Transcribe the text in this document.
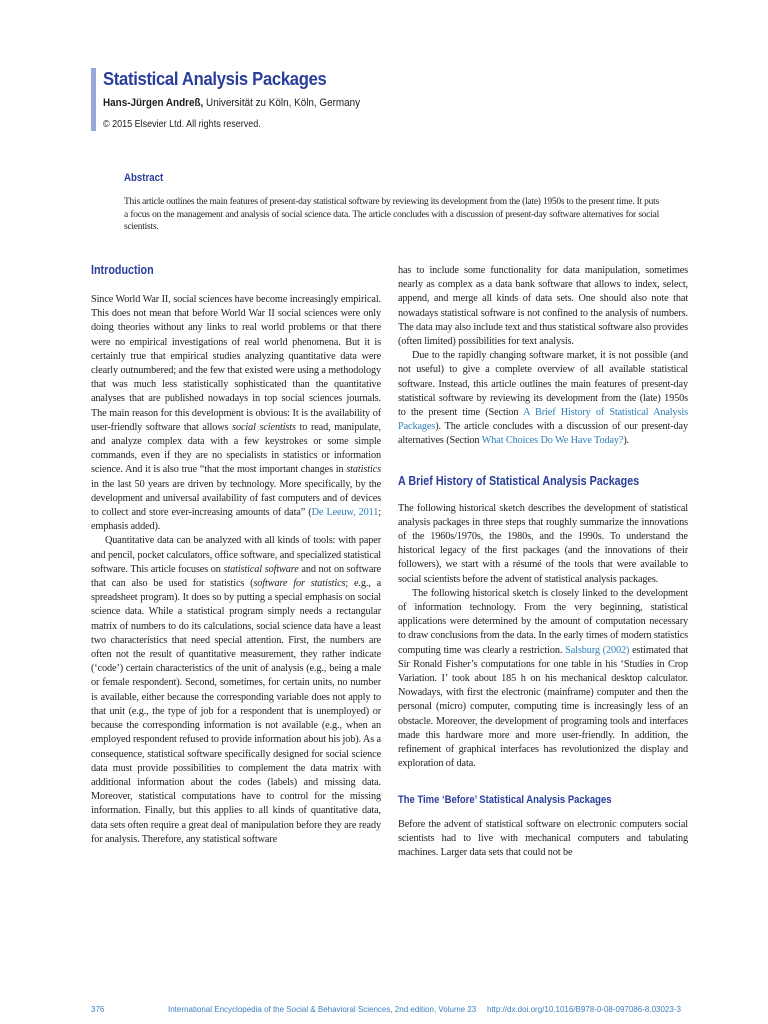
Statistical Analysis Packages
Hans-Jürgen Andreß, Universität zu Köln, Köln, Germany
© 2015 Elsevier Ltd. All rights reserved.
Abstract
This article outlines the main features of present-day statistical software by reviewing its development from the (late) 1950s to the present time. It puts a focus on the management and analysis of social science data. The article concludes with a discussion of present-day software alternatives for social scientists.
Introduction

Since World War II, social sciences have become increasingly empirical. This does not mean that before World War II social sciences were only doing theories without any links to real world problems or that there were no empirical investigations of real world phenomena. But it is certainly true that empirical studies analyzing quantitative data were clearly outnumbered; and the few that existed were using a methodology that was much less statistically sophisticated than the quantitative analyses that are published nowadays in top social sciences journals. The main reason for this development is obvious: It is the availability of user-friendly software that allows social scientists to read, manipulate, and analyze complex data with a few keystrokes or some simple commands, even if they are no specialists in statistics or information science. And it is also true “that the most important changes in statistics in the last 50 years are driven by technology. More specifically, by the development and universal availability of fast computers and of devices to collect and store ever-increasing amounts of data” (De Leeuw, 2011; emphasis added).

Quantitative data can be analyzed with all kinds of tools: with paper and pencil, pocket calculators, office software, and specialized statistical software. This article focuses on statistical software and not on software that can also be used for statistics (software for statistics; e.g., a spreadsheet program). It does so by putting a special emphasis on social science data. While a statistical program simply needs a rectangular matrix of numbers to do its calculations, social science data have a least two characteristics that need special attention. First, the numbers are often not the result of quantitative measurement, they rather indicate (‘code’) certain characteristics of the unit of analysis (e.g., being a male or female respondent). Second, sometimes, for certain units, no number is available, either because the corresponding variable does not apply to that unit (e.g., the type of job for a respondent that is unemployed) or because the corresponding information is not available (e.g., when an employed respondent refused to provide information about his job). As a consequence, statistical software specifically designed for social science data must provide possibilities to complement the data matrix with additional information about the codes (labels) and missing data. Moreover, statistical computations have to control for the missing information. Finally, but this applies to all kinds of quantitative data, data sets often require a great deal of manipulation before they are ready for analysis. Therefore, any statistical software

has to include some functionality for data manipulation, sometimes nearly as complex as a data bank software that allows to index, select, append, and merge all kinds of data sets. One should also note that nowadays statistical software is not confined to the analysis of numbers. The data may also include text and thus statistical software also provides (often limited) possibilities for text analysis.

Due to the rapidly changing software market, it is not possible (and not useful) to give a complete overview of all available statistical software. Instead, this article outlines the main features of present-day statistical software by reviewing its development from the (late) 1950s to the present time (Section A Brief History of Statistical Analysis Packages). The article concludes with a discussion of our present-day alternatives (Section What Choices Do We Have Today?).

A Brief History of Statistical Analysis Packages

The following historical sketch describes the development of statistical analysis packages in three steps that roughly summarize the innovations of the 1960s/1970s, the 1980s, and the 1990s. To understand the historical legacy of the first packages (and the innovations of their followers), we start with a résumé of the tools that were available to social scientists before the advent of statistical analysis packages.

The following historical sketch is closely linked to the development of information technology. From the very beginning, statistical applications were determined by the amount of computation necessary to draw conclusions from the data. In the early times of modern statistics computing time was clearly a restriction. Salsburg (2002) estimated that Sir Ronald Fisher’s computations for one table in his ‘Studies in Crop Variation. I’ took about 185 h on his mechanical desktop calculator. Nowadays, with first the electronic (mainframe) computer and then the personal (micro) computer, computing time is increasingly less of an obstacle. Moreover, the development of programing tools and interfaces made this hardware more and more user-friendly. In addition, the refinement of graphical interfaces has revolutionized the display and exploration of data.

The Time ‘Before’ Statistical Analysis Packages

Before the advent of statistical software on electronic computers social scientists had to live with mechanical computers and tabulating machines. Larger data sets that could not be

376	International Encyclopedia of the Social & Behavioral Sciences, 2nd edition, Volume 23 http://dx.doi.org/10.1016/B978-0-08-097086-8.03023-3
